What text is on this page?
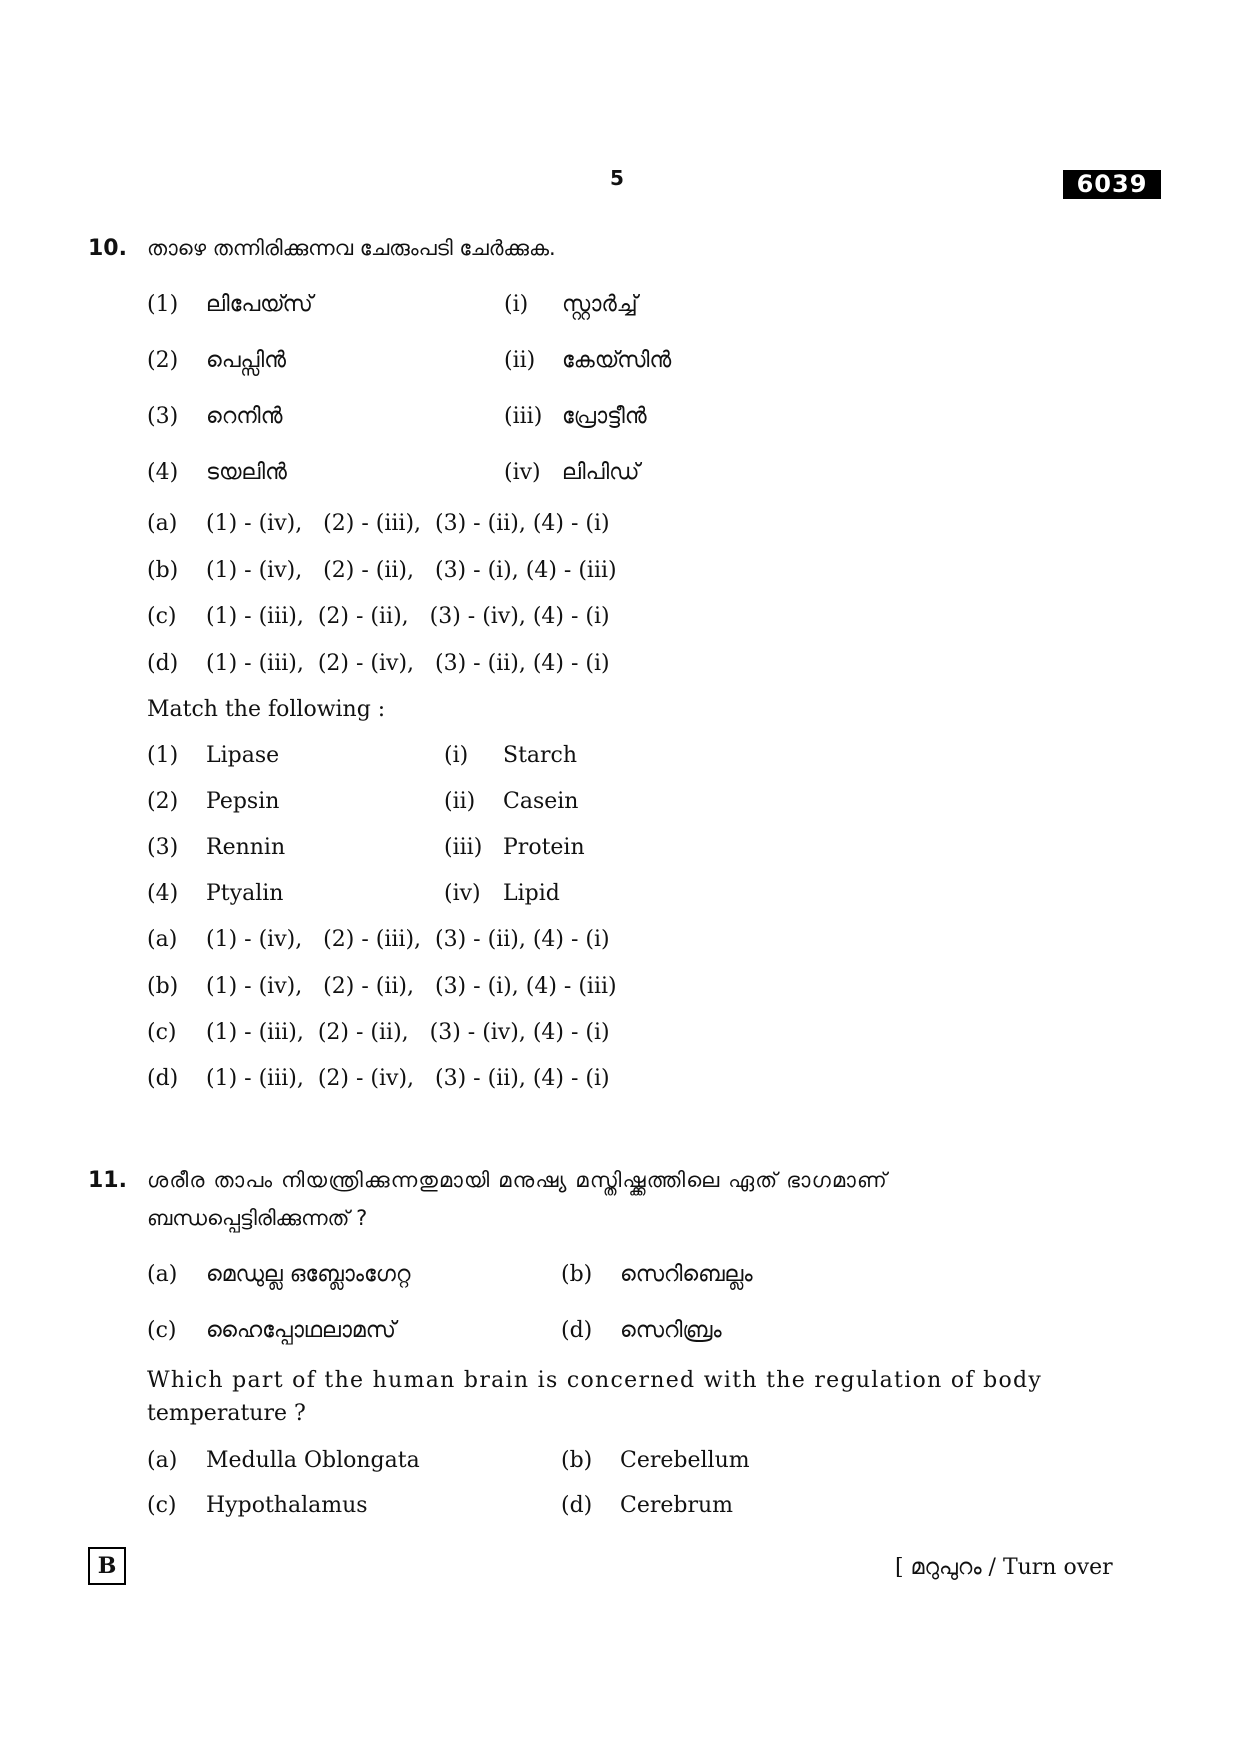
5	6039
10. താഴെ തന്നിരിക്കുന്നവ ചേരുംപടി ചേർക്കുക.
(1) ലിപേയ്സ്	(i) സ്റ്റാർച്ച്
(2) പെപ്സിൻ	(ii) കേയ്സിൻ
(3) റെനിൻ	(iii) പ്രോട്ടീൻ
(4) ടയലിൻ	(iv) ലിപിഡ്
(a) (1) - (iv),   (2) - (iii),  (3) - (ii), (4) - (i)
(b) (1) - (iv),   (2) - (ii),   (3) - (i), (4) - (iii)
(c) (1) - (iii),  (2) - (ii),   (3) - (iv), (4) - (i)
(d) (1) - (iii),  (2) - (iv),   (3) - (ii), (4) - (i)
Match the following :
(1) Lipase	(i) Starch
(2) Pepsin	(ii) Casein
(3) Rennin	(iii) Protein
(4) Ptyalin	(iv) Lipid
(a) (1) - (iv),   (2) - (iii),  (3) - (ii), (4) - (i)
(b) (1) - (iv),   (2) - (ii),   (3) - (i), (4) - (iii)
(c) (1) - (iii),  (2) - (ii),   (3) - (iv), (4) - (i)
(d) (1) - (iii),  (2) - (iv),   (3) - (ii), (4) - (i)
11. ശരീര താപം നിയന്ത്രിക്കുന്നതുമായി മനുഷ്യ മസ്തിഷ്ക്കത്തിലെ ഏത് ഭാഗമാണ്
ബന്ധപ്പെട്ടിരിക്കുന്നത് ?
(a) മെഡുല്ല ഒബ്ലോംഗേറ്റ	(b) സെറിബെല്ലം
(c) ഹൈപ്പോഥലാമസ്	(d) സെറിബ്രം
Which part of the human brain is concerned with the regulation of body
temperature ?
(a) Medulla Oblongata	(b) Cerebellum
(c) Hypothalamus	(d) Cerebrum
B	[ മറുപുറം / Turn over
